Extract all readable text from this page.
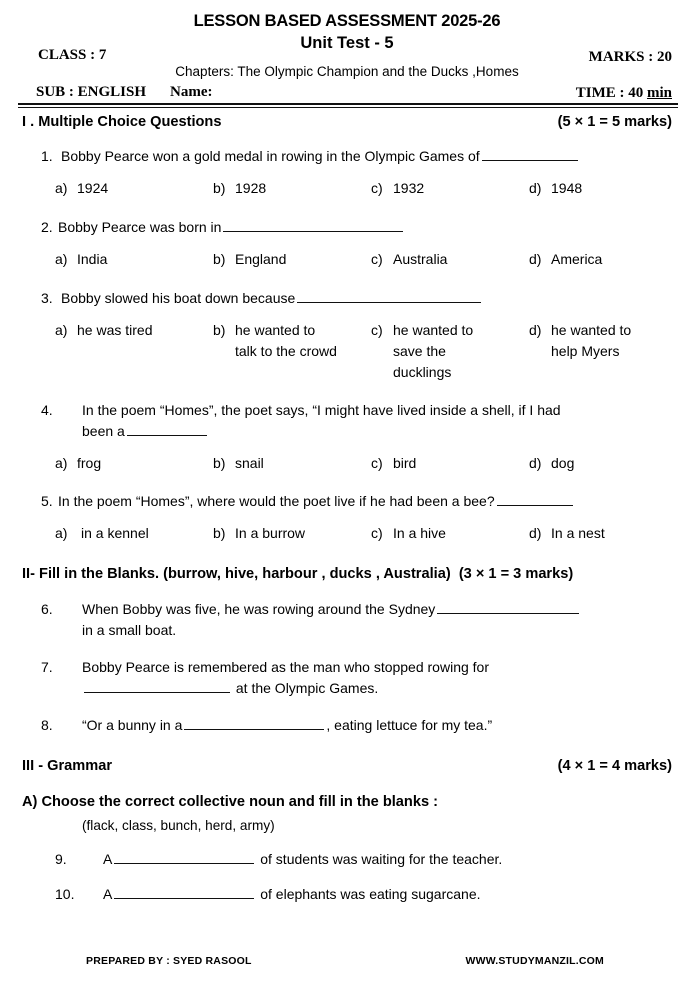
LESSON BASED ASSESSMENT 2025-26
Unit Test - 5
Chapters: The Olympic Champion and the Ducks ,Homes
CLASS : 7	MARKS : 20
SUB : ENGLISH Name:	TIME : 40 min
I . Multiple Choice Questions	(5 × 1 = 5 marks)
1. Bobby Pearce won a gold medal in rowing in the Olympic Games of
a) 1924	b) 1928	c) 1932	d) 1948
2. Bobby Pearce was born in
a) India	b) England	c) Australia	d) America
3. Bobby slowed his boat down because
a) he was tired	b) he wanted to talk to the crowd
c) he wanted to save the ducklings
d) he wanted to help Myers
4.	In the poem “Homes”, the poet says, “I might have lived inside a shell, if I had
been a
a) frog	b) snail	c) bird	d) dog
5. In the poem “Homes”, where would the poet live if he had been a bee?
a) in a kennel	b) In a burrow	c) In a hive	d) In a nest
II- Fill in the Blanks. (burrow, hive, harbour , ducks , Australia) (3 × 1 = 3 marks)
6.	When Bobby was five, he was rowing around the Sydney
in a small boat.
7.	Bobby Pearce is remembered as the man who stopped rowing for
at the Olympic Games.
8.	“Or a bunny in a	, eating lettuce for my tea.”
III - Grammar	(4 × 1 = 4 marks)
A) Choose the correct collective noun and fill in the blanks :
(flack, class, bunch, herd, army)
9.	A	of students was waiting for the teacher.
10.	A	of elephants was eating sugarcane.
PREPARED BY : SYED RASOOL	WWW.STUDYMANZIL.COM
